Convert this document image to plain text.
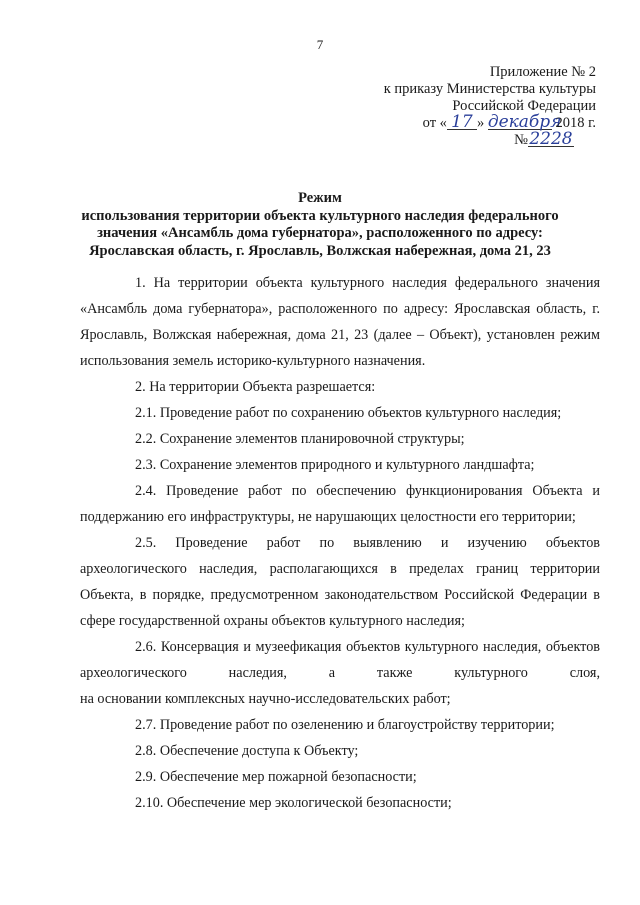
7
Приложение № 2
к приказу Министерства культуры
Российской Федерации
от « 17 » декабря 2018 г.
№2228
Режим
использования территории объекта культурного наследия федерального
значения «Ансамбль дома губернатора», расположенного по адресу:
Ярославская область, г. Ярославль, Волжская набережная, дома 21, 23

1. На территории объекта культурного наследия федерального значения «Ансамбль дома губернатора», расположенного по адресу: Ярославская область, г. Ярославль, Волжская набережная, дома 21, 23 (далее – Объект), установлен режим использования земель историко-культурного назначения.

2. На территории Объекта разрешается:

2.1. Проведение работ по сохранению объектов культурного наследия;

2.2. Сохранение элементов планировочной структуры;

2.3. Сохранение элементов природного и культурного ландшафта;

2.4. Проведение работ по обеспечению функционирования Объекта и поддержанию его инфраструктуры, не нарушающих целостности его территории;

2.5. Проведение работ по выявлению и изучению объектов археологического наследия, располагающихся в пределах границ территории Объекта, в порядке, предусмотренном законодательством Российской Федерации в сфере государственной охраны объектов культурного наследия;

2.6. Консервация и музеефикация объектов культурного наследия, объектов археологического наследия, а также культурного слоя,

на основании комплексных научно-исследовательских работ;

2.7. Проведение работ по озеленению и благоустройству территории;

2.8. Обеспечение доступа к Объекту;

2.9. Обеспечение мер пожарной безопасности;

2.10. Обеспечение мер экологической безопасности;
